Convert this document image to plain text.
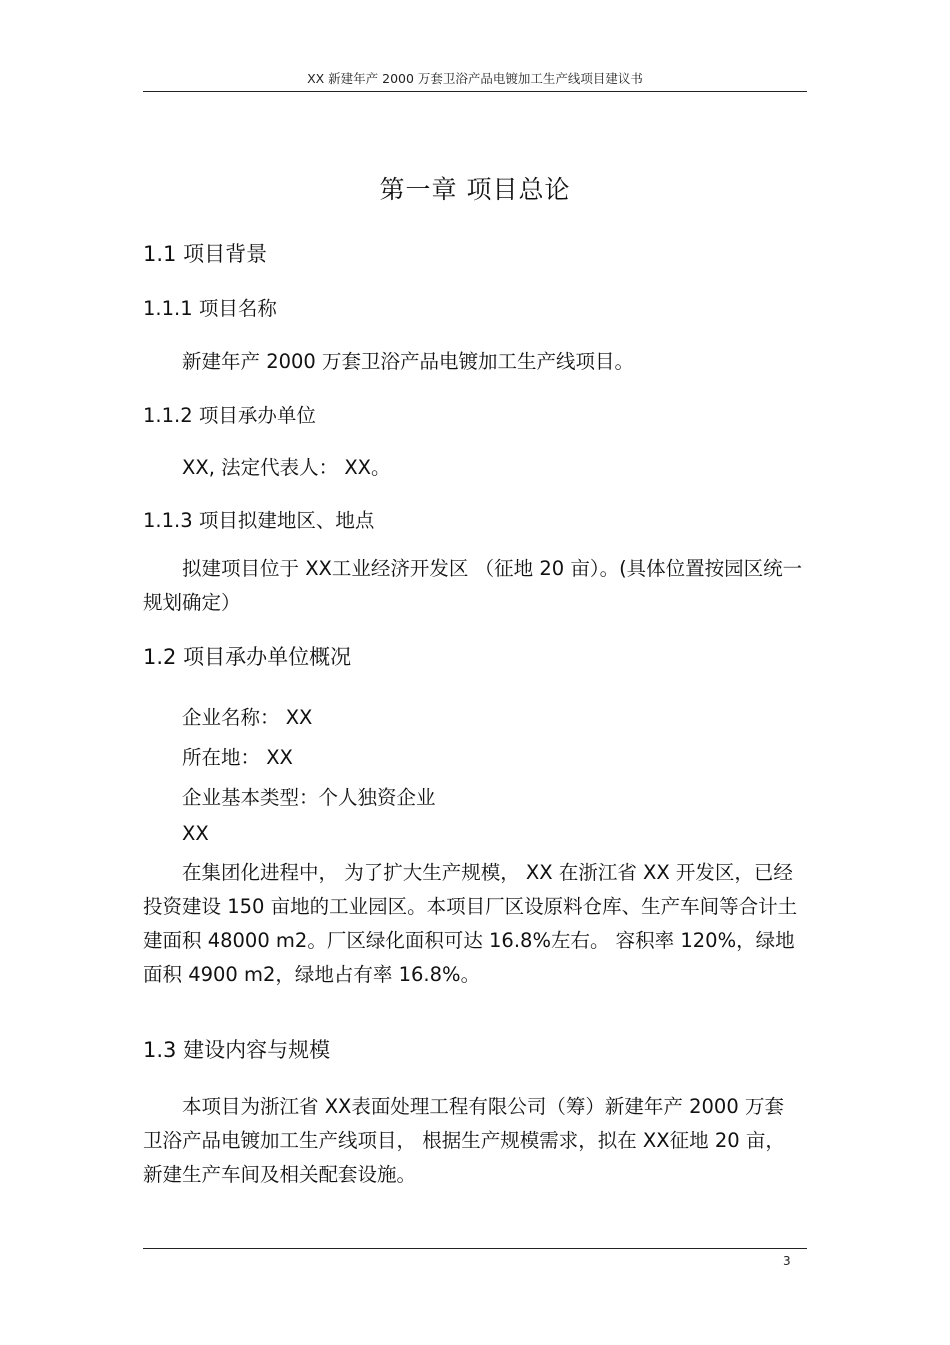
XX 新建年产 2000 万套卫浴产品电镀加工生产线项目建议书
第一章 项目总论
1.1 项目背景
1.1.1 项目名称
新建年产 2000 万套卫浴产品电镀加工生产线项目。
1.1.2 项目承办单位
XX, 法定代表人： XX。
1.1.3 项目拟建地区、地点
拟建项目位于 XX工业经济开发区 （征地 20 亩）。(具体位置按园区统一规划确定）
1.2 项目承办单位概况
企业名称： XX
所在地： XX
企业基本类型：个人独资企业
XX
在集团化进程中， 为了扩大生产规模， XX 在浙江省 XX 开发区，已经投资建设 150 亩地的工业园区。本项目厂区设原料仓库、生产车间等合计土建面积 48000 m2。厂区绿化面积可达 16.8%左右。 容积率 120%，绿地面积 4900 m2，绿地占有率 16.8%。
1.3 建设内容与规模
本项目为浙江省 XX表面处理工程有限公司（筹）新建年产 2000 万套卫浴产品电镀加工生产线项目， 根据生产规模需求，拟在 XX征地 20 亩，新建生产车间及相关配套设施。
3
